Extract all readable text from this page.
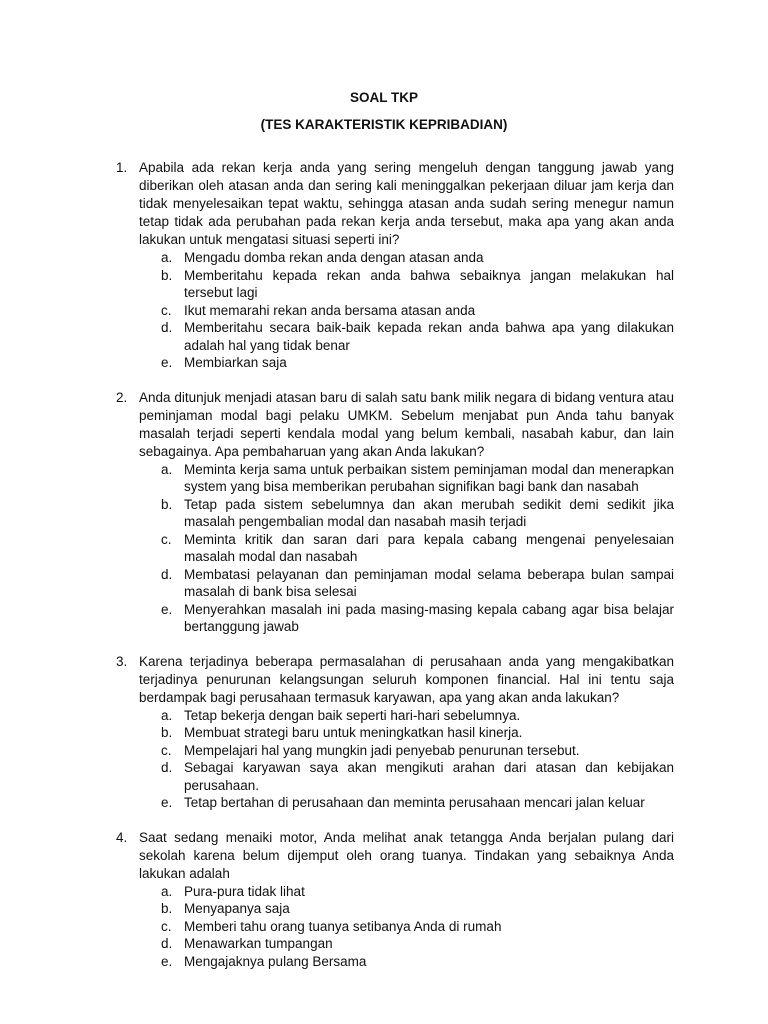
SOAL TKP
(TES KARAKTERISTIK KEPRIBADIAN)
1. Apabila ada rekan kerja anda yang sering mengeluh dengan tanggung jawab yang diberikan oleh atasan anda dan sering kali meninggalkan pekerjaan diluar jam kerja dan tidak menyelesaikan tepat waktu, sehingga atasan anda sudah sering menegur namun tetap tidak ada perubahan pada rekan kerja anda tersebut, maka apa yang akan anda lakukan untuk mengatasi situasi seperti ini?
a. Mengadu domba rekan anda dengan atasan anda
b. Memberitahu kepada rekan anda bahwa sebaiknya jangan melakukan hal tersebut lagi
c. Ikut memarahi rekan anda bersama atasan anda
d. Memberitahu secara baik-baik kepada rekan anda bahwa apa yang dilakukan adalah hal yang tidak benar
e. Membiarkan saja
2. Anda ditunjuk menjadi atasan baru di salah satu bank milik negara di bidang ventura atau peminjaman modal bagi pelaku UMKM. Sebelum menjabat pun Anda tahu banyak masalah terjadi seperti kendala modal yang belum kembali, nasabah kabur, dan lain sebagainya. Apa pembaharuan yang akan Anda lakukan?
a. Meminta kerja sama untuk perbaikan sistem peminjaman modal dan menerapkan system yang bisa memberikan perubahan signifikan bagi bank dan nasabah
b. Tetap pada sistem sebelumnya dan akan merubah sedikit demi sedikit jika masalah pengembalian modal dan nasabah masih terjadi
c. Meminta kritik dan saran dari para kepala cabang mengenai penyelesaian masalah modal dan nasabah
d. Membatasi pelayanan dan peminjaman modal selama beberapa bulan sampai masalah di bank bisa selesai
e. Menyerahkan masalah ini pada masing-masing kepala cabang agar bisa belajar bertanggung jawab
3. Karena terjadinya beberapa permasalahan di perusahaan anda yang mengakibatkan terjadinya penurunan kelangsungan seluruh komponen financial. Hal ini tentu saja berdampak bagi perusahaan termasuk karyawan, apa yang akan anda lakukan?
a. Tetap bekerja dengan baik seperti hari-hari sebelumnya.
b. Membuat strategi baru untuk meningkatkan hasil kinerja.
c. Mempelajari hal yang mungkin jadi penyebab penurunan tersebut.
d. Sebagai karyawan saya akan mengikuti arahan dari atasan dan kebijakan perusahaan.
e. Tetap bertahan di perusahaan dan meminta perusahaan mencari jalan keluar
4. Saat sedang menaiki motor, Anda melihat anak tetangga Anda berjalan pulang dari sekolah karena belum dijemput oleh orang tuanya. Tindakan yang sebaiknya Anda lakukan adalah
a. Pura-pura tidak lihat
b. Menyapanya saja
c. Memberi tahu orang tuanya setibanya Anda di rumah
d. Menawarkan tumpangan
e. Mengajaknya pulang Bersama
